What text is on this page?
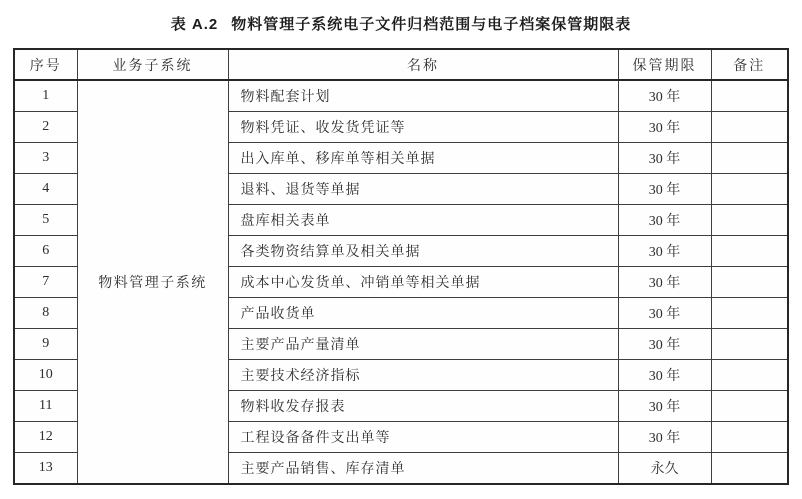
表 A.2 物料管理子系统电子文件归档范围与电子档案保管期限表
序号	业务子系统	名称	保管期限	备注
1	物料管理子系统	物料配套计划	30 年	
2		物料凭证、收发货凭证等	30 年	
3		出入库单、移库单等相关单据	30 年	
4		退料、退货等单据	30 年	
5		盘库相关表单	30 年	
6		各类物资结算单及相关单据	30 年	
7		成本中心发货单、冲销单等相关单据	30 年	
8		产品收货单	30 年	
9		主要产品产量清单	30 年	
10		主要技术经济指标	30 年	
11		物料收发存报表	30 年	
12		工程设备备件支出单等	30 年	
13		主要产品销售、库存清单	永久	
